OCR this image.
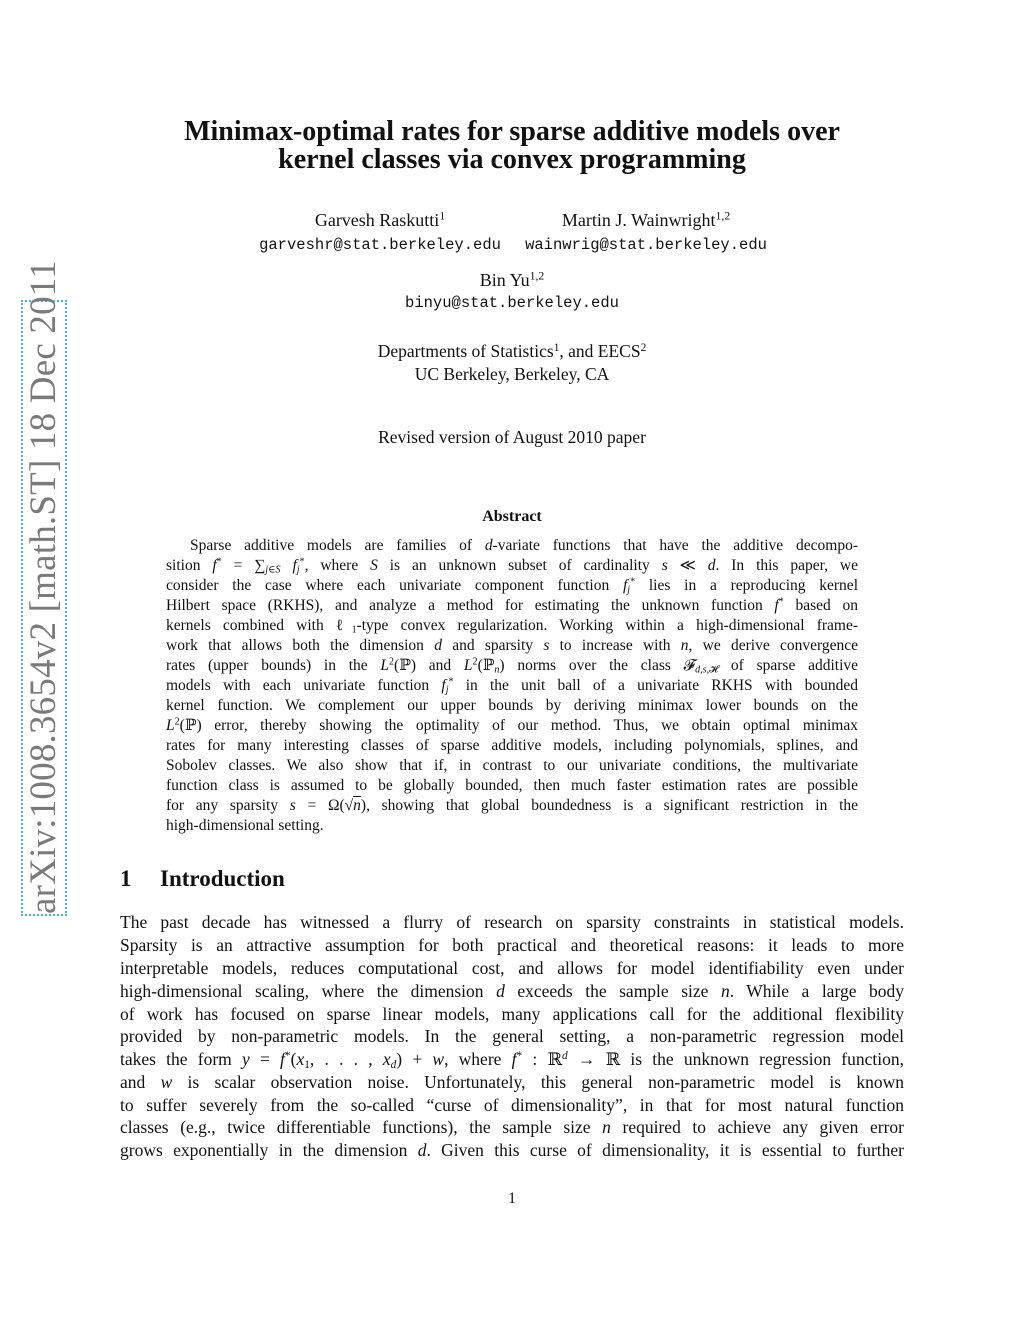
arXiv:1008.3654v2 [math.ST] 18 Dec 2011
Minimax-optimal rates for sparse additive models over
kernel classes via convex programming
Garvesh Raskutti$^1$
garveshr@stat.berkeley.edu
Martin J. Wainwright$^{1,2}$
wainwrig@stat.berkeley.edu
Bin Yu$^{1,2}$
binyu@stat.berkeley.edu
Departments of Statistics$^1$, and EECS$^2$
UC Berkeley, Berkeley, CA
Revised version of August 2010 paper
Abstract
Sparse additive models are families of d-variate functions that have the additive decompo-
sition $f^* = \sum_{j\in S}$ $f_j^*$, where S is an unknown subset of cardinality s ≪ d. In this paper, we
consider the case where each univariate component function $f_j^*$ lies in a reproducing kernel
Hilbert space (RKHS), and analyze a method for estimating the unknown function f* based on
kernels combined with ℓ$_1$-type convex regularization. Working within a high-dimensional frame-
work that allows both the dimension d and sparsity s to increase with n, we derive convergence
rates (upper bounds) in the $L^2(ℙ)$ and $L^2(ℙ_n)$ norms over the class 𝓕$_{d,s,𝓗}$ of sparse additive
models with each univariate function $f_j^*$ in the unit ball of a univariate RKHS with bounded
kernel function. We complement our upper bounds by deriving minimax lower bounds on the
$L^2(ℙ)$ error, thereby showing the optimality of our method. Thus, we obtain optimal minimax
rates for many interesting classes of sparse additive models, including polynomials, splines, and
Sobolev classes. We also show that if, in contrast to our univariate conditions, the multivariate
function class is assumed to be globally bounded, then much faster estimation rates are possible
for any sparsity s = Ω(√n), showing that global boundedness is a significant restriction in the
high-dimensional setting.
1 Introduction
The past decade has witnessed a flurry of research on sparsity constraints in statistical models.
Sparsity is an attractive assumption for both practical and theoretical reasons: it leads to more
interpretable models, reduces computational cost, and allows for model identifiability even under
high-dimensional scaling, where the dimension d exceeds the sample size n. While a large body
of work has focused on sparse linear models, many applications call for the additional flexibility
provided by non-parametric models. In the general setting, a non-parametric regression model
takes the form $y = f^*(x_1$, . . . , $x_d) + w$, where f* : ℝ$^d$ → ℝ is the unknown regression function,
and w is scalar observation noise. Unfortunately, this general non-parametric model is known
to suffer severely from the so-called “curse of dimensionality”, in that for most natural function
classes (e.g., twice differentiable functions), the sample size n required to achieve any given error
grows exponentially in the dimension d. Given this curse of dimensionality, it is essential to further
1
